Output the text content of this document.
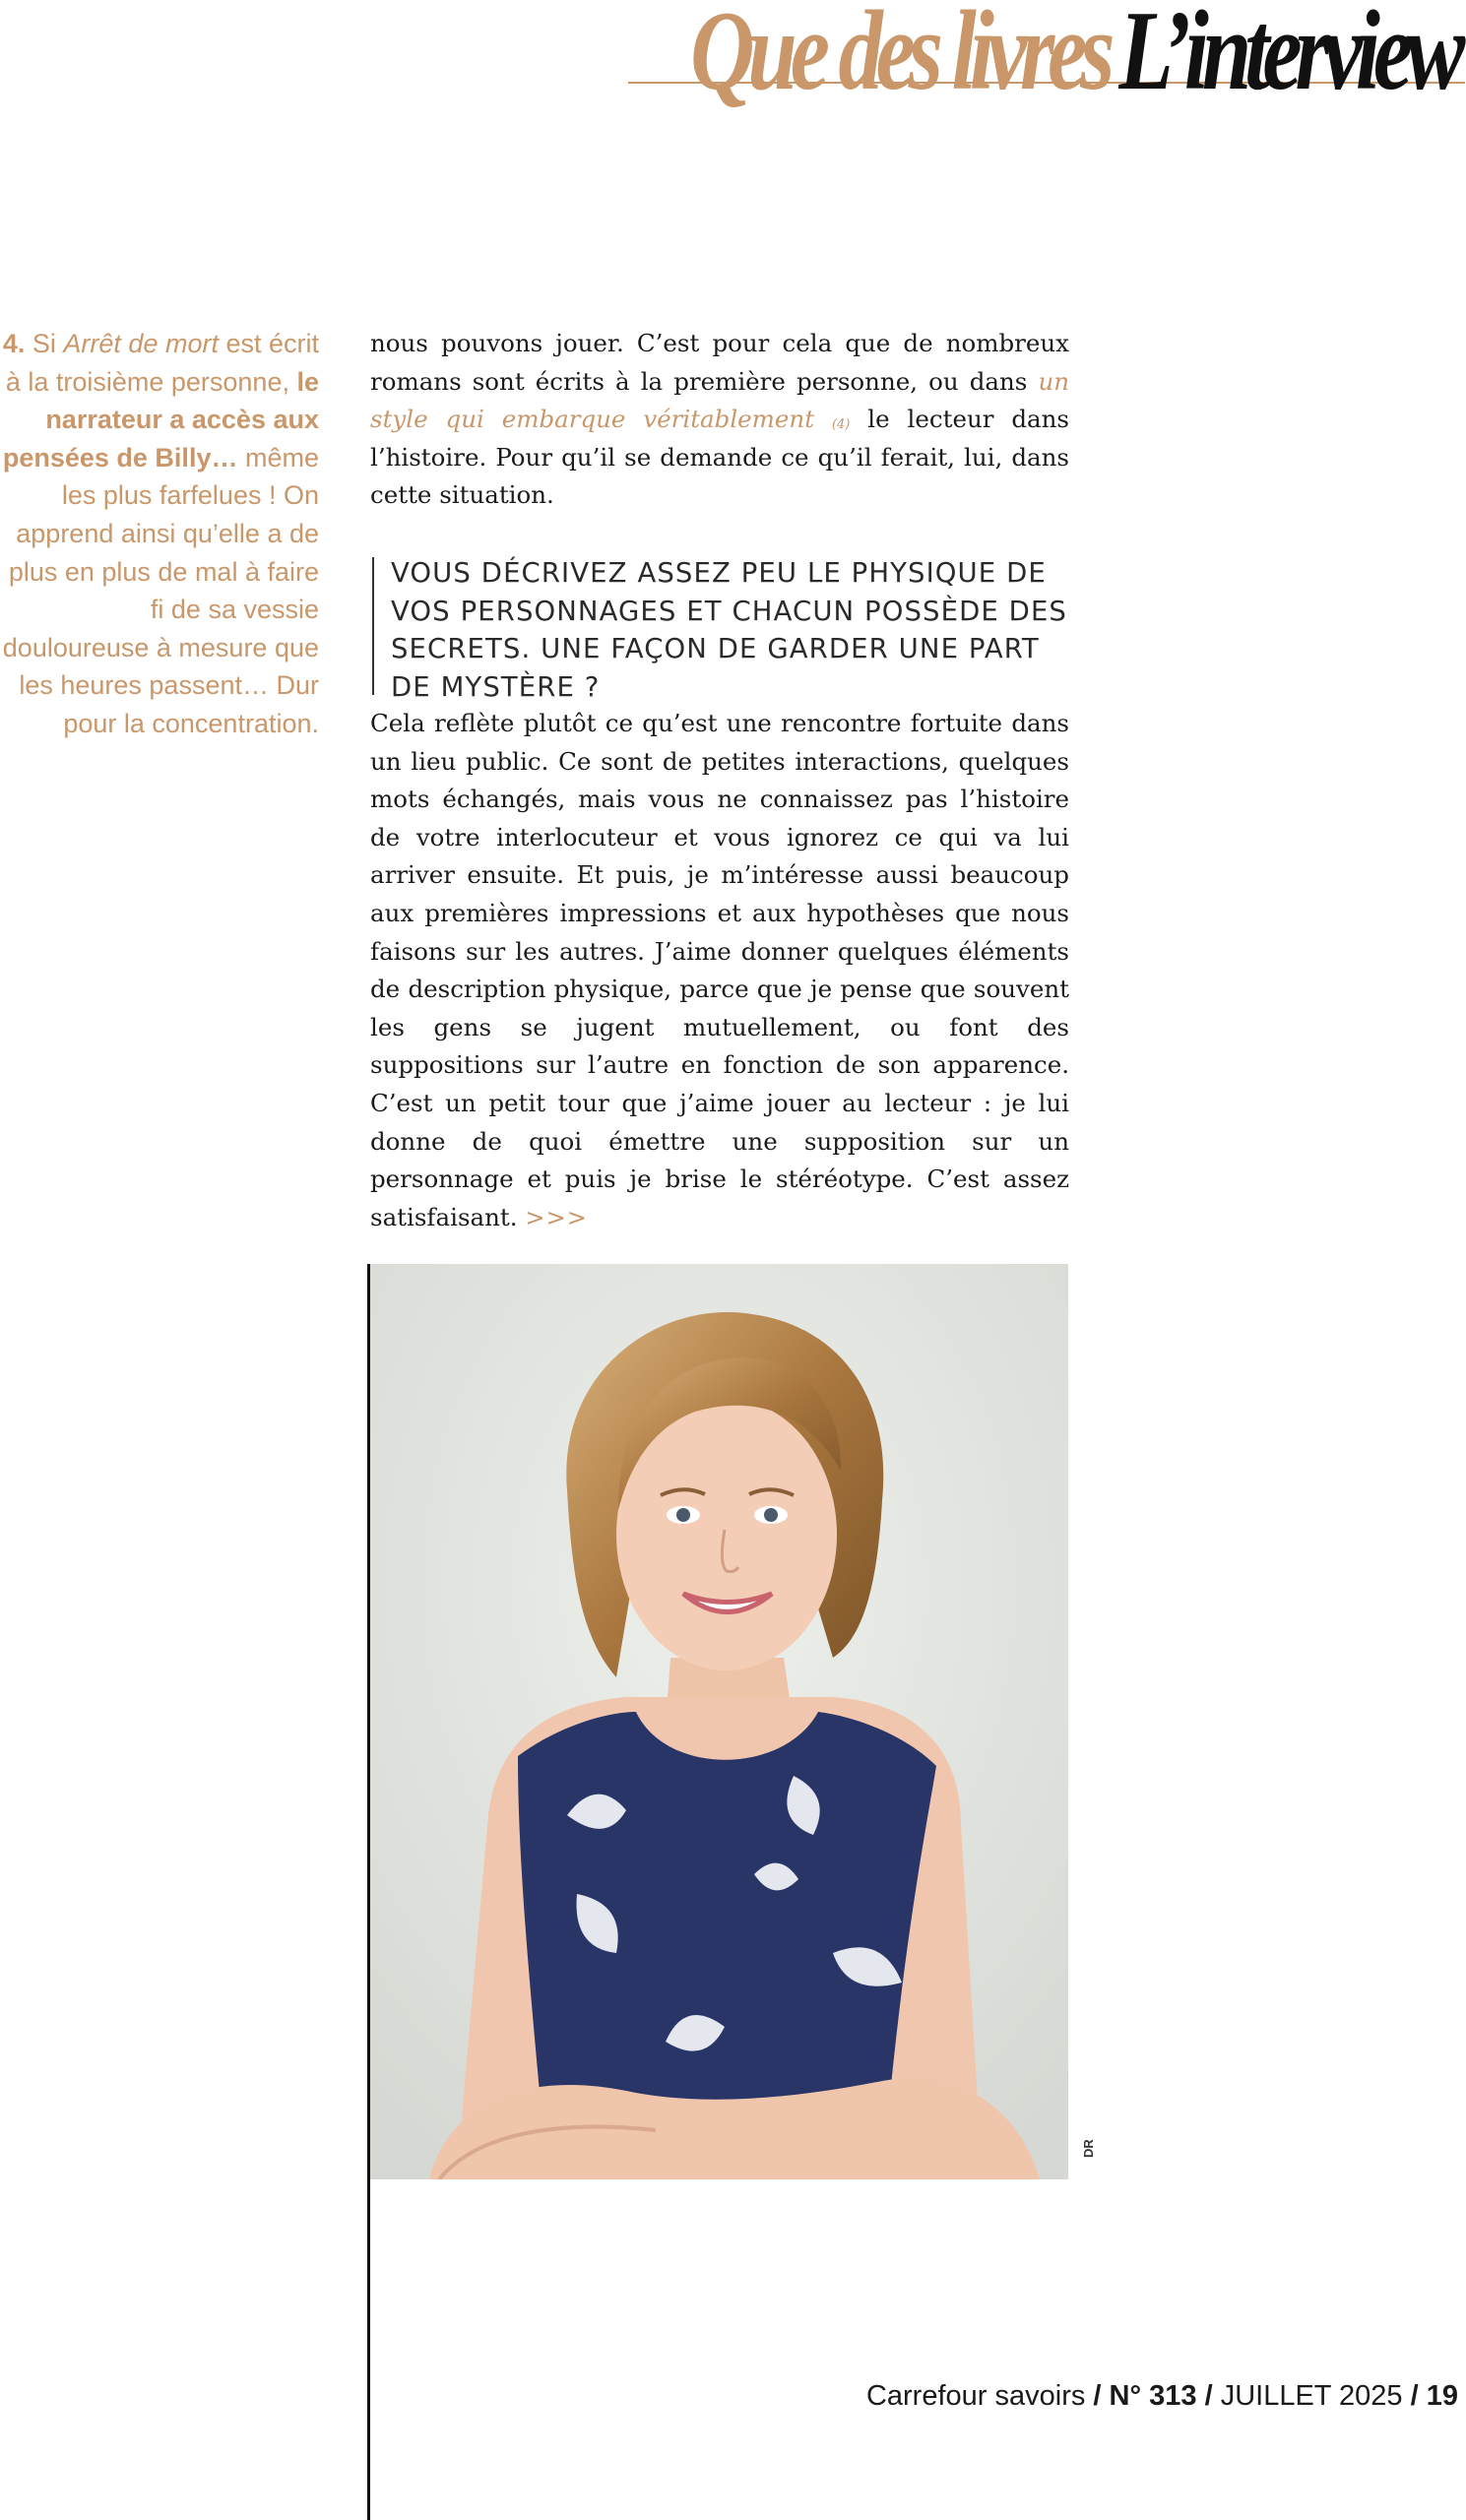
Que des livresL’interview
4. Si Arrêt de mort est écrit à la troisième personne, le narrateur a accès aux pensées de Billy… même les plus farfelues ! On apprend ainsi qu’elle a de plus en plus de mal à faire fi de sa vessie douloureuse à mesure que les heures passent… Dur pour la concentration.
nous pouvons jouer. C’est pour cela que de nombreux romans sont écrits à la première personne, ou dans un style qui embarque véritablement $^{(4)}$ le lecteur dans l’histoire. Pour qu’il se demande ce qu’il ferait, lui, dans cette situation.
VOUS DÉCRIVEZ ASSEZ PEU LE PHYSIQUE DE VOS PERSONNAGES ET CHACUN POSSÈDE DES SECRETS. UNE FAÇON DE GARDER UNE PART DE MYSTÈRE ?
Cela reflète plutôt ce qu’est une rencontre fortuite dans un lieu public. Ce sont de petites interactions, quelques mots échangés, mais vous ne connaissez pas l’histoire de votre interlocuteur et vous ignorez ce qui va lui arriver ensuite. Et puis, je m’intéresse aussi beaucoup aux premières impressions et aux hypothèses que nous faisons sur les autres. J’aime donner quelques éléments de description physique, parce que je pense que souvent les gens se jugent mutuellement, ou font des suppositions sur l’autre en fonction de son apparence. C’est un petit tour que j’aime jouer au lecteur : je lui donne de quoi émettre une supposition sur un personnage et puis je brise le stéréotype. C’est assez satisfaisant. >>>
DR
Carrefour savoirs / N° 313 / JUILLET 2025 / 19
